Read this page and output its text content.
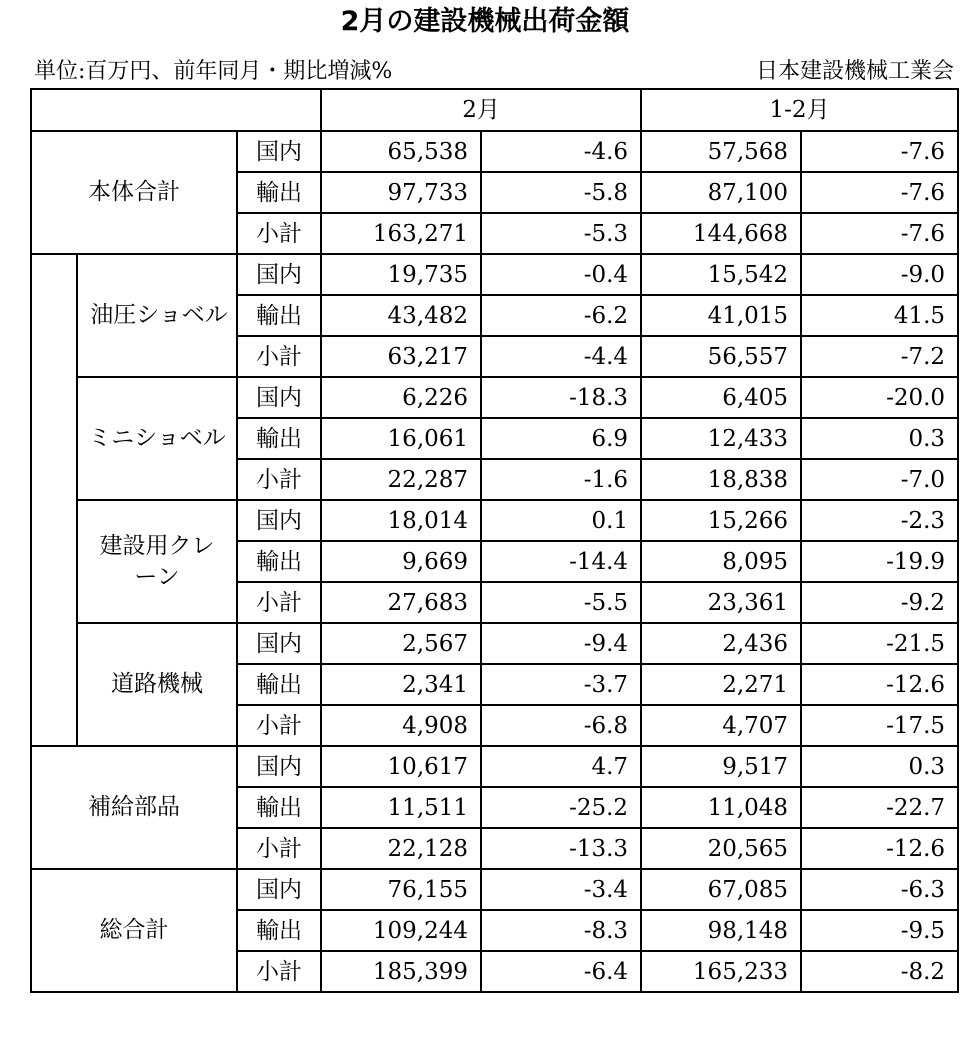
2月の建設機械出荷金額
単位:百万円、前年同月・期比増減%	日本建設機械工業会
			2月		1-2月	
本体合計		国内	65,538	-4.6	57,568	-7.6
		輸出	97,733	-5.8	87,100	-7.6
		小計	163,271	-5.3	144,668	-7.6
	油圧ショベル	国内	19,735	-0.4	15,542	-9.0
		輸出	43,482	-6.2	41,015	41.5
		小計	63,217	-4.4	56,557	-7.2
	ミニショベル	国内	6,226	-18.3	6,405	-20.0
		輸出	16,061	6.9	12,433	0.3
		小計	22,287	-1.6	18,838	-7.0
	建設用クレーン	国内	18,014	0.1	15,266	-2.3
		輸出	9,669	-14.4	8,095	-19.9
		小計	27,683	-5.5	23,361	-9.2
	道路機械	国内	2,567	-9.4	2,436	-21.5
		輸出	2,341	-3.7	2,271	-12.6
		小計	4,908	-6.8	4,707	-17.5
補給部品		国内	10,617	4.7	9,517	0.3
		輸出	11,511	-25.2	11,048	-22.7
		小計	22,128	-13.3	20,565	-12.6
総合計		国内	76,155	-3.4	67,085	-6.3
		輸出	109,244	-8.3	98,148	-9.5
		小計	185,399	-6.4	165,233	-8.2
